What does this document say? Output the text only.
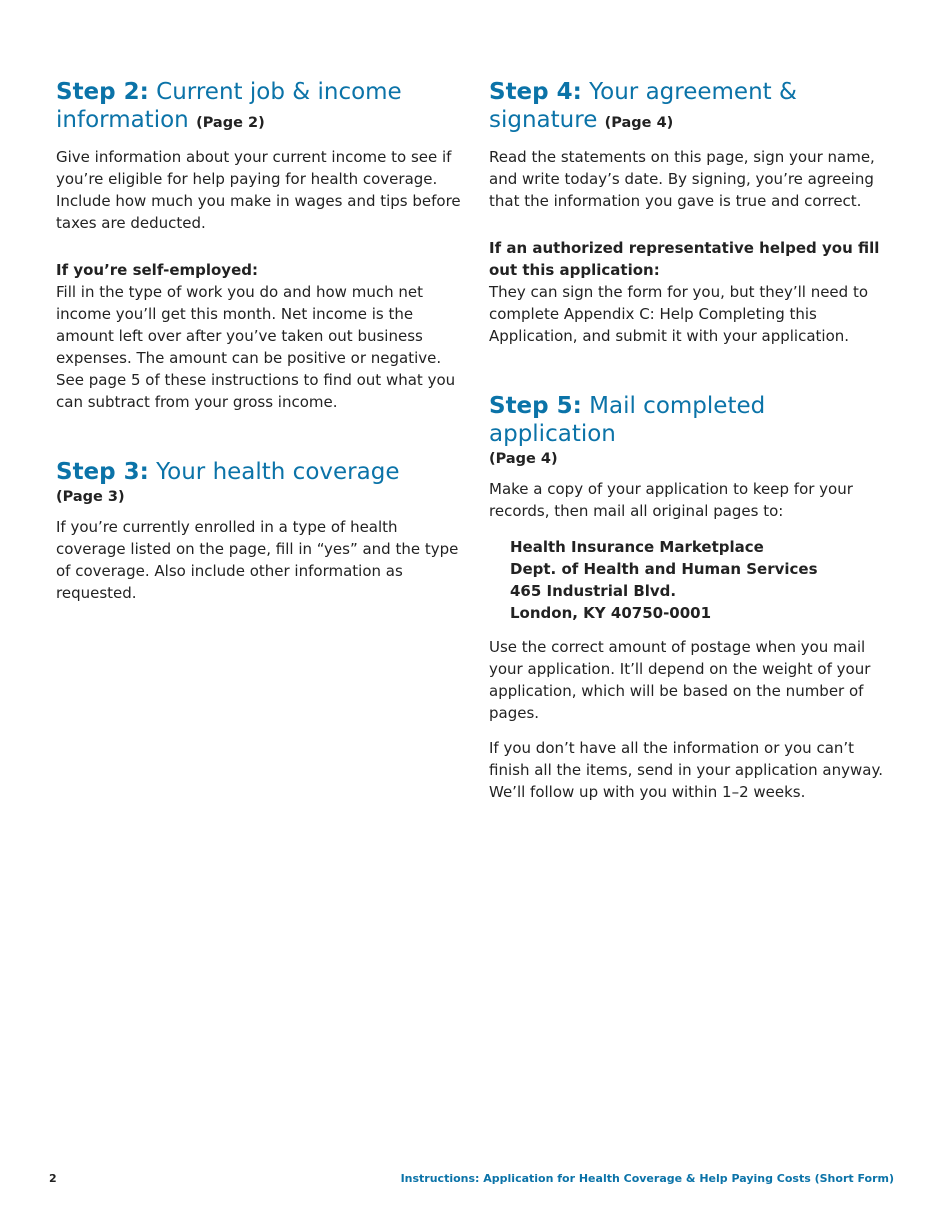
Step 2: Current job & income information (Page 2)

Give information about your current income to see if you’re eligible for help paying for health coverage. Include how much you make in wages and tips before taxes are deducted.

If you’re self-employed:
Fill in the type of work you do and how much net income you’ll get this month. Net income is the amount left over after you’ve taken out business expenses. The amount can be positive or negative. See page 5 of these instructions to find out what you can subtract from your gross income.

Step 3: Your health coverage
(Page 3)

If you’re currently enrolled in a type of health coverage listed on the page, fill in “yes” and the type of coverage. Also include other information as requested.

Step 4: Your agreement & signature (Page 4)

Read the statements on this page, sign your name, and write today’s date. By signing, you’re agreeing that the information you gave is true and correct.

If an authorized representative helped you fill out this application:
They can sign the form for you, but they’ll need to complete Appendix C: Help Completing this Application, and submit it with your application.

Step 5: Mail completed application
(Page 4)

Make a copy of your application to keep for your records, then mail all original pages to:

Health Insurance Marketplace
Dept. of Health and Human Services
465 Industrial Blvd.
London, KY 40750-0001

Use the correct amount of postage when you mail your application. It’ll depend on the weight of your application, which will be based on the number of pages.

If you don’t have all the information or you can’t finish all the items, send in your application anyway. We’ll follow up with you within 1–2 weeks.

2	Instructions: Application for Health Coverage & Help Paying Costs (Short Form)
